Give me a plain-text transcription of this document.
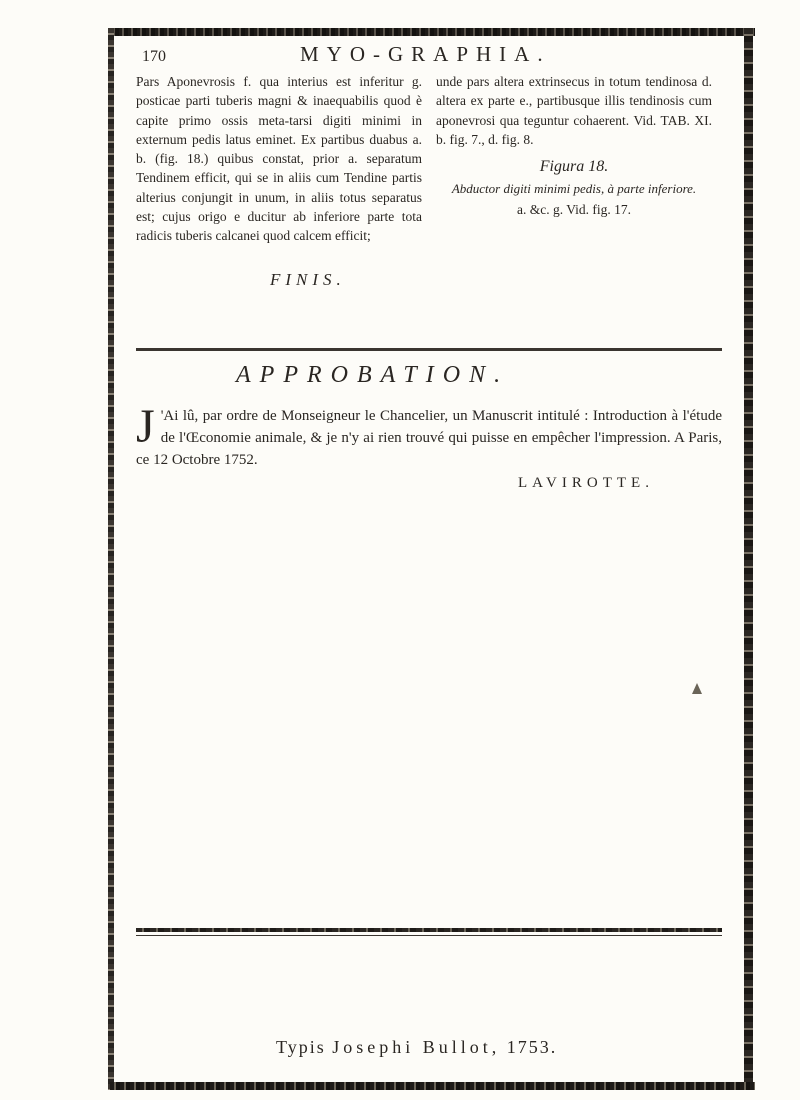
170	MYO-GRAPHIA.

Pars Aponevrosis f. qua interius est inferitur g. posticae parti tuberis magni & inaequabilis quod è capite primo ossis meta-tarsi digiti minimi in externum pedis latus eminet. Ex partibus duabus a. b. (fig. 18.) quibus constat, prior a. separatum Tendinem efficit, qui se in aliis cum Tendine partis alterius conjungit in unum, in aliis totus separatus est; cujus origo e ducitur ab inferiore parte tota radicis tuberis calcanei quod calcem efficit;

unde pars altera extrinsecus in totum tendinosa d. altera ex parte e., partibusque illis tendinosis cum aponevrosi qua teguntur cohaerent. Vid. TAB. XI. b. fig. 7., d. fig. 8.

Figura 18.
Abductor digiti minimi pedis, à parte inferiore.
a. &c. g. Vid. fig. 17.
FINIS.
APPROBATION.
J 'Ai lû, par ordre de Monseigneur le Chancelier, un Manuscrit intitulé : Introduction à l'étude de l'Œconomie animale, & je n'y ai rien trouvé qui puisse en empêcher l'impression. A Paris, ce 12 Octobre 1752.

LAVIROTTE.
Typis Josephi Bullot, 1753.
